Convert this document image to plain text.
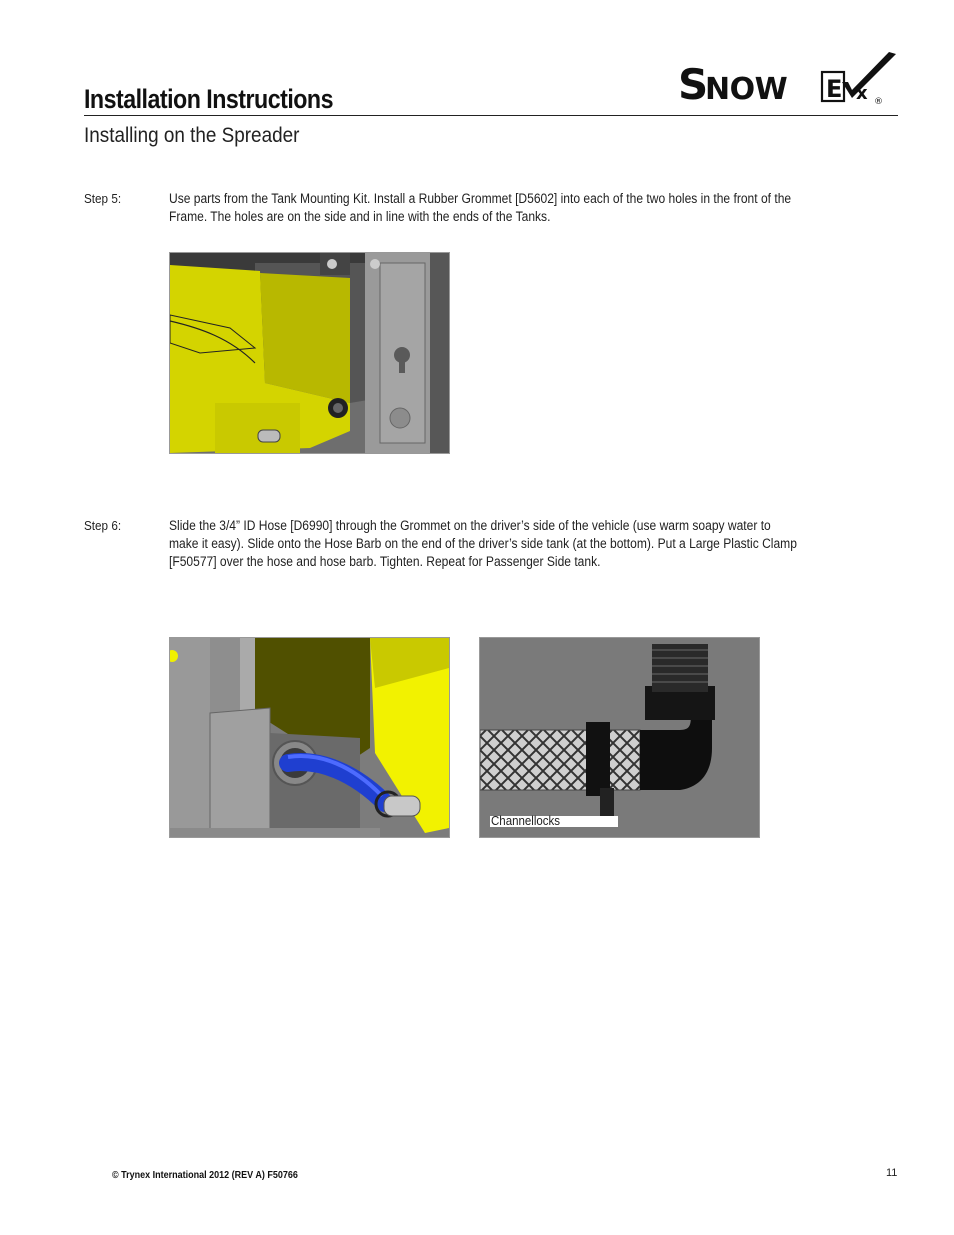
Installation Instructions	S
NOW E x ®
Installing on the Spreader
Step 5:	Use parts from the Tank Mounting Kit. Install a Rubber Grommet [D5602] into each of the two holes in the front of the Frame. The holes are on the side and in line with the ends of the Tanks.
Step 6:	Slide the 3/4” ID Hose [D6990] through the Grommet on the driver’s side of the vehicle (use warm soapy water to make it easy). Slide onto the Hose Barb on the end of the driver’s side tank (at the bottom). Put a Large Plastic Clamp [F50577] over the hose and hose barb. Tighten. Repeat for Passenger Side tank.
Channellocks
© Trynex International 2012 (REV A) F50766	11
